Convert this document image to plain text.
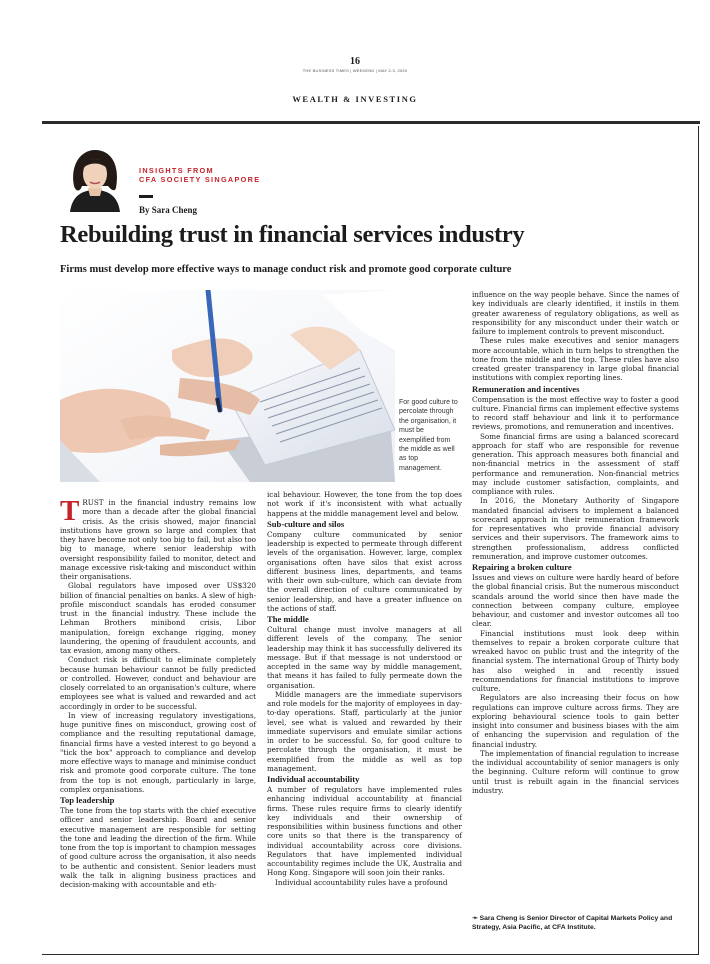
16
THE BUSINESS TIMES | WEEKEND | MAY 2-3, 2020
WEALTH & INVESTING
INSIGHTS FROM
CFA SOCIETY SINGAPORE
By Sara Cheng
Rebuilding trust in financial services industry
Firms must develop more effective ways to manage conduct risk and promote good corporate culture
For good culture to percolate through the organisation, it must be exemplified from the middle as well as top management.

TRUST in the financial industry remains low more than a decade after the global financial crisis. As the crisis showed, major financial institutions have grown so large and complex that they have become not only too big to fail, but also too big to manage, where senior leadership with oversight responsibility failed to monitor, detect and manage excessive risk-taking and misconduct within their organisations.

Global regulators have imposed over US$320 billion of financial penalties on banks. A slew of high-profile misconduct scandals has eroded consumer trust in the financial industry. These include the Lehman Brothers minibond crisis, Libor manipulation, foreign exchange rigging, money laundering, the opening of fraudulent accounts, and tax evasion, among many others.

Conduct risk is difficult to eliminate completely because human behaviour cannot be fully predicted or controlled. However, conduct and behaviour are closely correlated to an organisation's culture, where employees see what is valued and rewarded and act accordingly in order to be successful.

In view of increasing regulatory investigations, huge punitive fines on misconduct, growing cost of compliance and the resulting reputational damage, financial firms have a vested interest to go beyond a "tick the box" approach to compliance and develop more effective ways to manage and minimise conduct risk and promote good corporate culture. The tone from the top is not enough, particularly in large, complex organisations.

Top leadership

The tone from the top starts with the chief executive officer and senior leadership. Board and senior executive management are responsible for setting the tone and leading the direction of the firm. While tone from the top is important to champion messages of good culture across the organisation, it also needs to be authentic and consistent. Senior leaders must walk the talk in aligning business practices and decision-making with accountable and eth-

ical behaviour. However, the tone from the top does not work if it's inconsistent with what actually happens at the middle management level and below.

Sub-culture and silos

Company culture communicated by senior leadership is expected to permeate through different levels of the organisation. However, large, complex organisations often have silos that exist across different business lines, departments, and teams with their own sub-culture, which can deviate from the overall direction of culture communicated by senior leadership, and have a greater influence on the actions of staff.

The middle

Cultural change must involve managers at all different levels of the company. The senior leadership may think it has successfully delivered its message. But if that message is not understood or accepted in the same way by middle management, that means it has failed to fully permeate down the organisation.

Middle managers are the immediate supervisors and role models for the majority of employees in day-to-day operations. Staff, particularly at the junior level, see what is valued and rewarded by their immediate supervisors and emulate similar actions in order to be successful. So, for good culture to percolate through the organisation, it must be exemplified from the middle as well as top management.

Individual accountability

A number of regulators have implemented rules enhancing individual accountability at financial firms. These rules require firms to clearly identify key individuals and their ownership of responsibilities within business functions and other core units so that there is the transparency of individual accountability across core divisions. Regulators that have implemented individual accountability regimes include the UK, Australia and Hong Kong. Singapore will soon join their ranks.

Individual accountability rules have a profound

influence on the way people behave. Since the names of key individuals are clearly identified, it instils in them greater awareness of regulatory obligations, as well as responsibility for any misconduct under their watch or failure to implement controls to prevent misconduct.

These rules make executives and senior managers more accountable, which in turn helps to strengthen the tone from the middle and the top. These rules have also created greater transparency in large global financial institutions with complex reporting lines.

Remuneration and incentives

Compensation is the most effective way to foster a good culture. Financial firms can implement effective systems to record staff behaviour and link it to performance reviews, promotions, and remuneration and incentives.

Some financial firms are using a balanced scorecard approach for staff who are responsible for revenue generation. This approach measures both financial and non-financial metrics in the assessment of staff performance and remuneration. Non-financial metrics may include customer satisfaction, complaints, and compliance with rules.

In 2016, the Monetary Authority of Singapore mandated financial advisers to implement a balanced scorecard approach in their remuneration framework for representatives who provide financial advisory services and their supervisors. The framework aims to strengthen professionalism, address conflicted remuneration, and improve customer outcomes.

Repairing a broken culture

Issues and views on culture were hardly heard of before the global financial crisis. But the numerous misconduct scandals around the world since then have made the connection between company culture, employee behaviour, and customer and investor outcomes all too clear.

Financial institutions must look deep within themselves to repair a broken corporate culture that wreaked havoc on public trust and the integrity of the financial system. The international Group of Thirty body has also weighed in and recently issued recommendations for financial institutions to improve culture.

Regulators are also increasing their focus on how regulations can improve culture across firms. They are exploring behavioural science tools to gain better insight into consumer and business biases with the aim of enhancing the supervision and regulation of the financial industry.

The implementation of financial regulation to increase the individual accountability of senior managers is only the beginning. Culture reform will continue to grow until trust is rebuilt again in the financial services industry.

➛ Sara Cheng is Senior Director of Capital Markets Policy and Strategy, Asia Pacific, at CFA Institute.
